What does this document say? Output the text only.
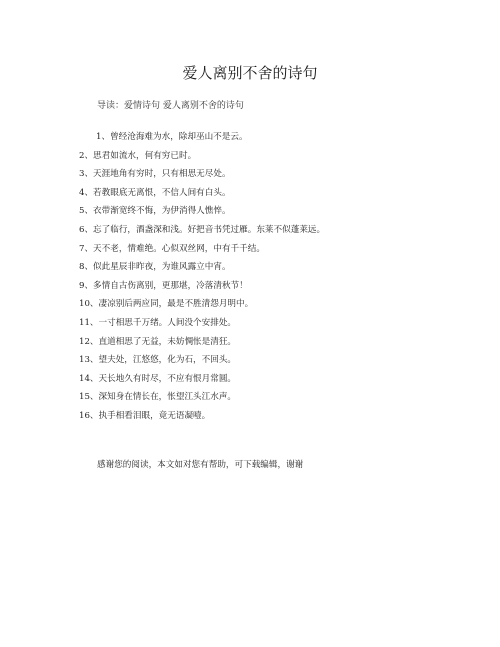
爱人离别不舍的诗句
导读：爱情诗句 爱人离别不舍的诗句
1、曾经沧海难为水，除却巫山不是云。
2、思君如流水，何有穷已时。
3、天涯地角有穷时，只有相思无尽处。
4、若教眼底无离恨，不信人间有白头。
5、衣带渐宽终不悔，为伊消得人憔悴。
6、忘了临行，酒盏深和浅。好把音书凭过雁。东莱不似蓬莱远。
7、天不老，情难绝。心似双丝网，中有千千结。
8、似此星辰非昨夜，为谁风露立中宵。
9、多情自古伤离别，更那堪，冷落清秋节！
10、凄凉别后两应同，最是不胜清怨月明中。
11、一寸相思千万绪。人间没个安排处。
12、直道相思了无益，未妨惆怅是清狂。
13、望夫处，江悠悠，化为石，不回头。
14、天长地久有时尽，不应有恨月常圆。
15、深知身在情长在，怅望江头江水声。
16、执手相看泪眼，竟无语凝噎。
感谢您的阅读，本文如对您有帮助，可下载编辑，谢谢
